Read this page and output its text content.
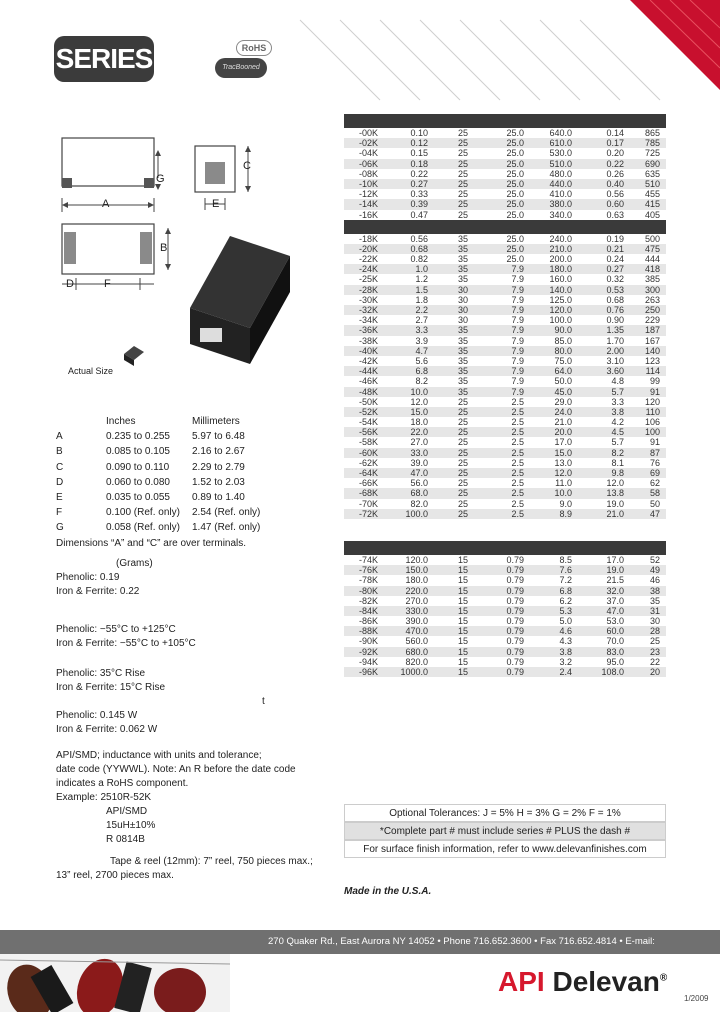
SERIES	RoHS
TracBooned
A
G
C
E
B
D	F
Actual Size
Inches	Millimeters
A	0.235 to 0.255	5.97 to 6.48
B	0.085 to 0.105	2.16 to 2.67
C	0.090 to 0.110	2.29 to 2.79
D	0.060 to 0.080	1.52 to 2.03
E	0.035 to 0.055	0.89 to 1.40
F	0.100 (Ref. only)	2.54 (Ref. only)
G	0.058 (Ref. only)	1.47 (Ref. only)
Dimensions “A” and “C” are over terminals.
(Grams)
Phenolic: 0.19
Iron & Ferrite: 0.22
Phenolic: −55°C to +125°C
Iron & Ferrite: −55°C to +105°C
Phenolic: 35°C Rise
Iron & Ferrite: 15°C Rise
t
Phenolic: 0.145 W
Iron & Ferrite: 0.062 W
API/SMD; inductance with units and tolerance;
date code (YYWWL). Note: An R before the date code
indicates a RoHS component.
Example: 2510R-52K
API/SMD
15uH±10%
R 0814B
Tape & reel (12mm): 7” reel, 750 pieces max.;
13” reel, 2700 pieces max.
-00K	0.10	25	25.0	640.0	0.14	865
-02K	0.12	25	25.0	610.0	0.17	785
-04K	0.15	25	25.0	530.0	0.20	725
-06K	0.18	25	25.0	510.0	0.22	690
-08K	0.22	25	25.0	480.0	0.26	635
-10K	0.27	25	25.0	440.0	0.40	510
-12K	0.33	25	25.0	410.0	0.56	455
-14K	0.39	25	25.0	380.0	0.60	415
-16K	0.47	25	25.0	340.0	0.63	405
-18K	0.56	35	25.0	240.0	0.19	500
-20K	0.68	35	25.0	210.0	0.21	475
-22K	0.82	35	25.0	200.0	0.24	444
-24K	1.0	35	7.9	180.0	0.27	418
-25K	1.2	35	7.9	160.0	0.32	385
-28K	1.5	30	7.9	140.0	0.53	300
-30K	1.8	30	7.9	125.0	0.68	263
-32K	2.2	30	7.9	120.0	0.76	250
-34K	2.7	30	7.9	100.0	0.90	229
-36K	3.3	35	7.9	90.0	1.35	187
-38K	3.9	35	7.9	85.0	1.70	167
-40K	4.7	35	7.9	80.0	2.00	140
-42K	5.6	35	7.9	75.0	3.10	123
-44K	6.8	35	7.9	64.0	3.60	114
-46K	8.2	35	7.9	50.0	4.8	99
-48K	10.0	35	7.9	45.0	5.7	91
-50K	12.0	25	2.5	29.0	3.3	120
-52K	15.0	25	2.5	24.0	3.8	110
-54K	18.0	25	2.5	21.0	4.2	106
-56K	22.0	25	2.5	20.0	4.5	100
-58K	27.0	25	2.5	17.0	5.7	91
-60K	33.0	25	2.5	15.0	8.2	87
-62K	39.0	25	2.5	13.0	8.1	76
-64K	47.0	25	2.5	12.0	9.8	69
-66K	56.0	25	2.5	11.0	12.0	62
-68K	68.0	25	2.5	10.0	13.8	58
-70K	82.0	25	2.5	9.0	19.0	50
-72K	100.0	25	2.5	8.9	21.0	47
-74K	120.0	15	0.79	8.5	17.0	52
-76K	150.0	15	0.79	7.6	19.0	49
-78K	180.0	15	0.79	7.2	21.5	46
-80K	220.0	15	0.79	6.8	32.0	38
-82K	270.0	15	0.79	6.2	37.0	35
-84K	330.0	15	0.79	5.3	47.0	31
-86K	390.0	15	0.79	5.0	53.0	30
-88K	470.0	15	0.79	4.6	60.0	28
-90K	560.0	15	0.79	4.3	70.0	25
-92K	680.0	15	0.79	3.8	83.0	23
-94K	820.0	15	0.79	3.2	95.0	22
-96K	1000.0	15	0.79	2.4	108.0	20
Optional Tolerances: J = 5% H = 3% G = 2% F = 1%
*Complete part # must include series # PLUS the dash #
For surface finish information, refer to www.delevanfinishes.com
Made in the U.S.A.
270 Quaker Rd., East Aurora NY 14052 • Phone 716.652.3600 • Fax 716.652.4814 • E-mail: apisales@delevan.com • www.delevan.com
API Delevan®
1/2009
